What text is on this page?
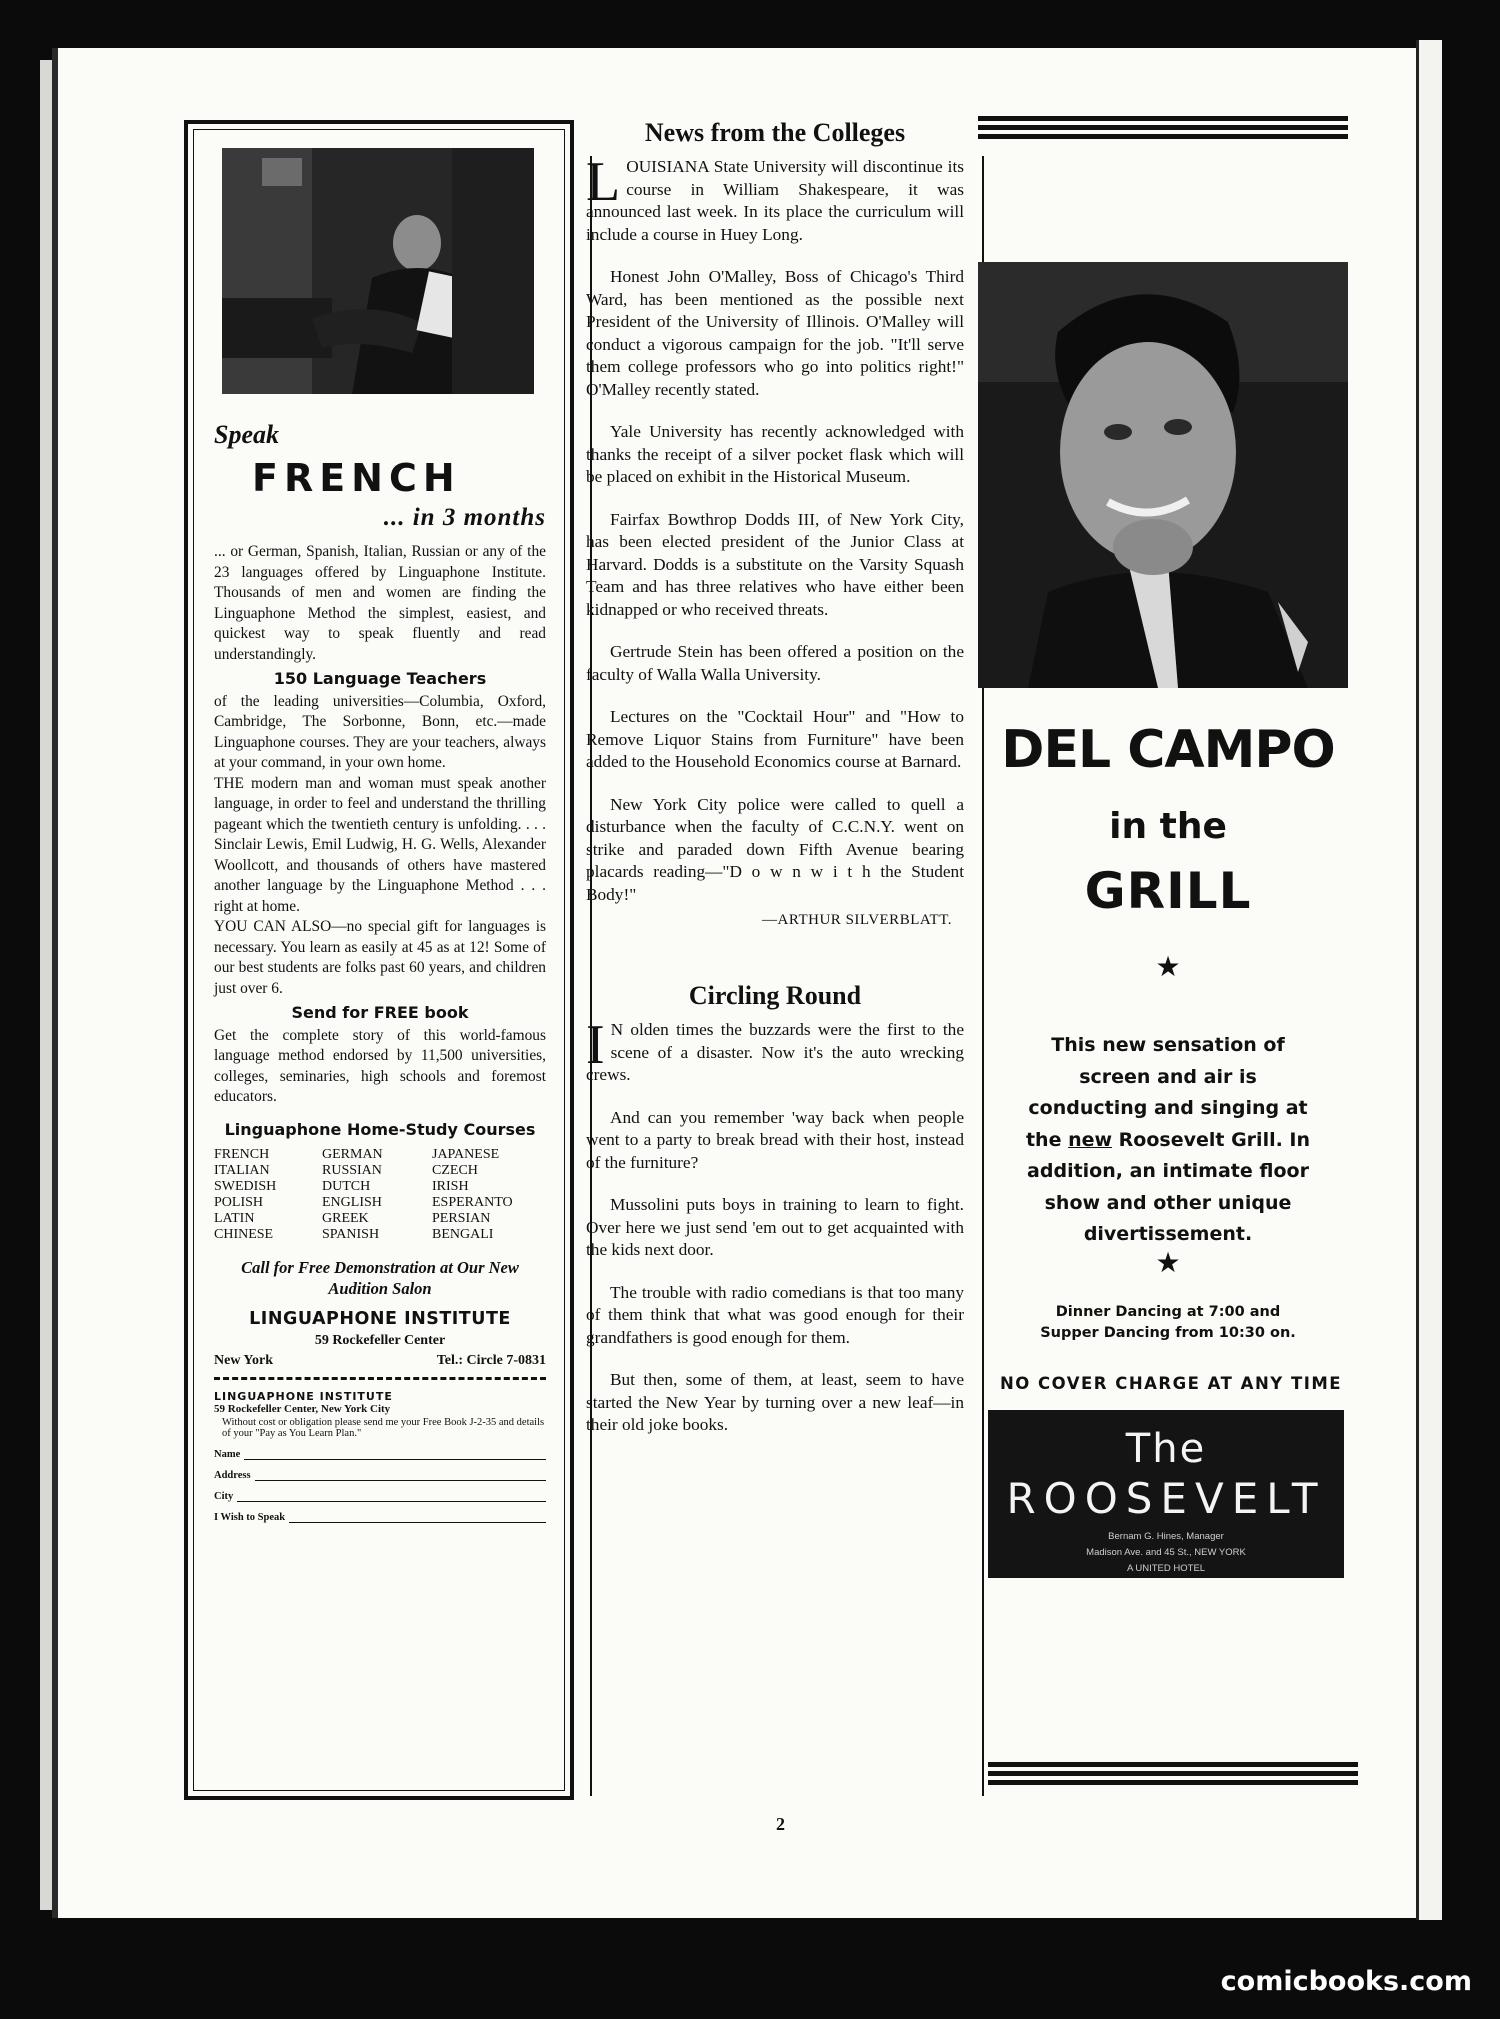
Speak
FRENCH
... in 3 months

... or German, Spanish, Italian, Russian or any of the 23 languages offered by Linguaphone Institute. Thousands of men and women are finding the Linguaphone Method the simplest, easiest, and quickest way to speak fluently and read understandingly.

150 Language Teachers

of the leading universities—Columbia, Oxford, Cambridge, The Sorbonne, Bonn, etc.—made Linguaphone courses. They are your teachers, always at your command, in your own home.

THE modern man and woman must speak another language, in order to feel and understand the thrilling pageant which the twentieth century is unfolding. . . . Sinclair Lewis, Emil Ludwig, H. G. Wells, Alexander Woollcott, and thousands of others have mastered another language by the Linguaphone Method . . . right at home.

YOU CAN ALSO—no special gift for languages is necessary. You learn as easily at 45 as at 12! Some of our best students are folks past 60 years, and children just over 6.

Send for FREE book

Get the complete story of this world-famous language method endorsed by 11,500 universities, colleges, seminaries, high schools and foremost educators.

Linguaphone Home-Study Courses
FRENCH	GERMAN	JAPANESE
ITALIAN	RUSSIAN	CZECH
SWEDISH	DUTCH	IRISH
POLISH	ENGLISH	ESPERANTO
LATIN	GREEK	PERSIAN
CHINESE	SPANISH	BENGALI
Call for Free Demonstration at Our New Audition Salon
LINGUAPHONE INSTITUTE
59 Rockefeller Center
New York	Tel.: Circle 7-0831
LINGUAPHONE INSTITUTE
59 Rockefeller Center, New York City
Without cost or obligation please send me your Free Book J-2-35 and details of your "Pay as You Learn Plan."
Name
Address
City
I Wish to Speak
News from the Colleges

LOUISIANA State University will discontinue its course in William Shakespeare, it was announced last week. In its place the curriculum will include a course in Huey Long.

Honest John O'Malley, Boss of Chicago's Third Ward, has been mentioned as the possible next President of the University of Illinois. O'Malley will conduct a vigorous campaign for the job. "It'll serve them college professors who go into politics right!" O'Malley recently stated.

Yale University has recently acknowledged with thanks the receipt of a silver pocket flask which will be placed on exhibit in the Historical Museum.

Fairfax Bowthrop Dodds III, of New York City, has been elected president of the Junior Class at Harvard. Dodds is a substitute on the Varsity Squash Team and has three relatives who have either been kidnapped or who received threats.

Gertrude Stein has been offered a position on the faculty of Walla Walla University.

Lectures on the "Cocktail Hour" and "How to Remove Liquor Stains from Furniture" have been added to the Household Economics course at Barnard.

New York City police were called to quell a disturbance when the faculty of C.C.N.Y. went on strike and paraded down Fifth Avenue bearing placards reading—"D o w n w i t h the Student Body!"

—ARTHUR SILVERBLATT.
Circling Round

I N olden times the buzzards were the first to the scene of a disaster. Now it's the auto wrecking crews.

And can you remember 'way back when people went to a party to break bread with their host, instead of the furniture?

Mussolini puts boys in training to learn to fight. Over here we just send 'em out to get acquainted with the kids next door.

The trouble with radio comedians is that too many of them think that what was good enough for their grandfathers is good enough for them.

But then, some of them, at least, seem to have started the New Year by turning over a new leaf—in their old joke books.

DEL CAMPO
in the
GRILL
★
This new sensation of screen and air is conducting and singing at the new Roosevelt Grill. In addition, an intimate floor show and other unique divertissement.
★
Dinner Dancing at 7:00 and
Supper Dancing from 10:30 on.
NO COVER CHARGE AT ANY TIME
The
ROOSEVELT
Bernam G. Hines, Manager
Madison Ave. and 45 St., NEW YORK
A UNITED HOTEL
2
comicbooks.com
